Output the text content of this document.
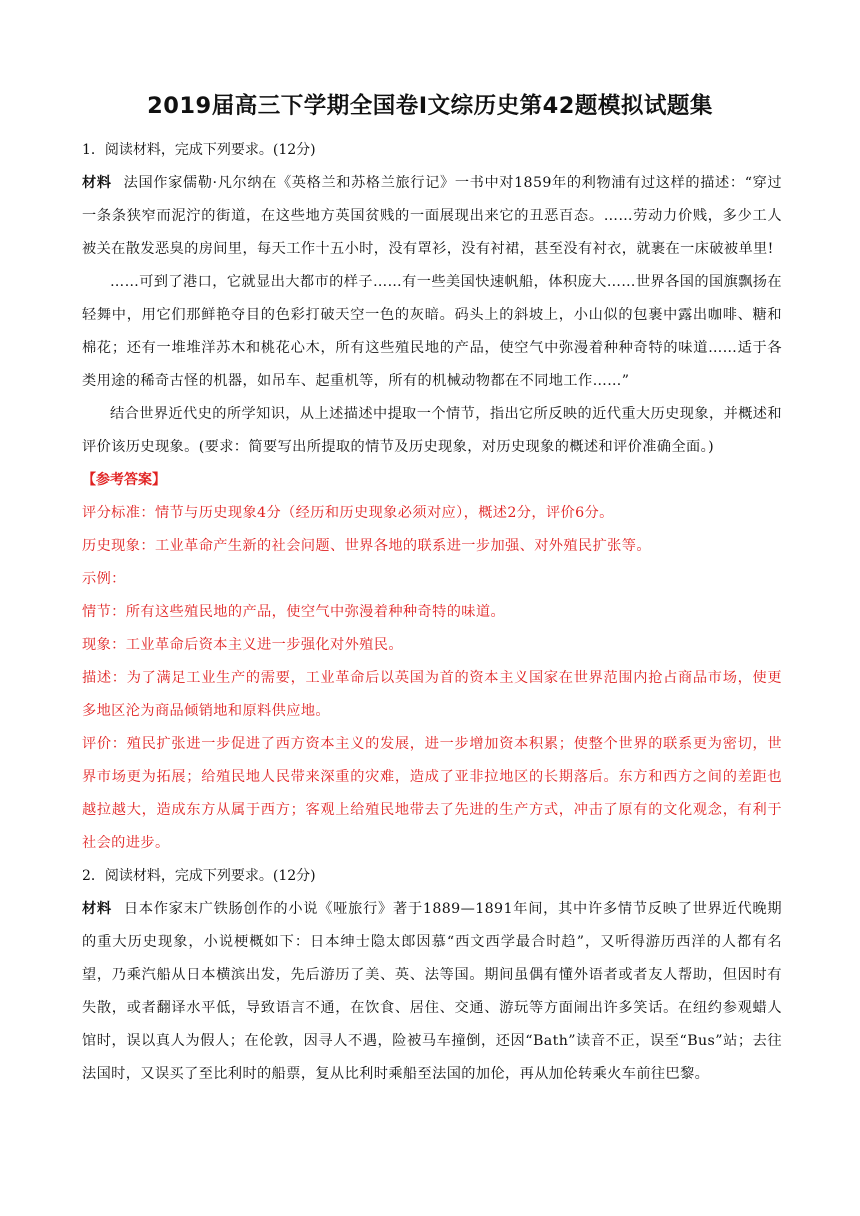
2019届高三下学期全国卷Ⅰ文综历史第42题模拟试题集

1．阅读材料，完成下列要求。(12分)

材料 法国作家儒勒·凡尔纳在《英格兰和苏格兰旅行记》一书中对1859年的利物浦有过这样的描述：“穿过一条条狭窄而泥泞的街道，在这些地方英国贫贱的一面展现出来它的丑恶百态。……劳动力价贱，多少工人被关在散发恶臭的房间里，每天工作十五小时，没有罩衫，没有衬裙，甚至没有衬衣，就裹在一床破被单里!

……可到了港口，它就显出大都市的样子……有一些美国快速帆船，体积庞大……世界各国的国旗飘扬在轻舞中，用它们那鲜艳夺目的色彩打破天空一色的灰暗。码头上的斜坡上，小山似的包裹中露出咖啡、糖和棉花；还有一堆堆洋苏木和桃花心木，所有这些殖民地的产品，使空气中弥漫着种种奇特的味道……适于各类用途的稀奇古怪的机器，如吊车、起重机等，所有的机械动物都在不同地工作……”

结合世界近代史的所学知识，从上述描述中提取一个情节，指出它所反映的近代重大历史现象，并概述和评价该历史现象。(要求：简要写出所提取的情节及历史现象，对历史现象的概述和评价准确全面。)

【参考答案】

评分标准：情节与历史现象4分（经历和历史现象必须对应），概述2分，评价6分。

历史现象：工业革命产生新的社会问题、世界各地的联系进一步加强、对外殖民扩张等。

示例：

情节：所有这些殖民地的产品，使空气中弥漫着种种奇特的味道。

现象：工业革命后资本主义进一步强化对外殖民。

描述：为了满足工业生产的需要，工业革命后以英国为首的资本主义国家在世界范围内抢占商品市场，使更多地区沦为商品倾销地和原料供应地。

评价：殖民扩张进一步促进了西方资本主义的发展，进一步增加资本积累；使整个世界的联系更为密切，世界市场更为拓展；给殖民地人民带来深重的灾难，造成了亚非拉地区的长期落后。东方和西方之间的差距也越拉越大，造成东方从属于西方；客观上给殖民地带去了先进的生产方式，冲击了原有的文化观念，有利于社会的进步。

2．阅读材料，完成下列要求。(12分)

材料 日本作家末广铁肠创作的小说《哑旅行》著于1889—1891年间，其中许多情节反映了世界近代晚期的重大历史现象，小说梗概如下：日本绅士隐太郎因慕“西文西学最合时趋”，又听得游历西洋的人都有名望，乃乘汽船从日本横滨出发，先后游历了美、英、法等国。期间虽偶有懂外语者或者友人帮助，但因时有失散，或者翻译水平低，导致语言不通，在饮食、居住、交通、游玩等方面闹出许多笑话。在纽约参观蜡人馆时，误以真人为假人；在伦敦，因寻人不遇，险被马车撞倒，还因“Bath”读音不正，误至“Bus”站；去往法国时，又误买了至比利时的船票，复从比利时乘船至法国的加伦，再从加伦转乘火车前往巴黎。
